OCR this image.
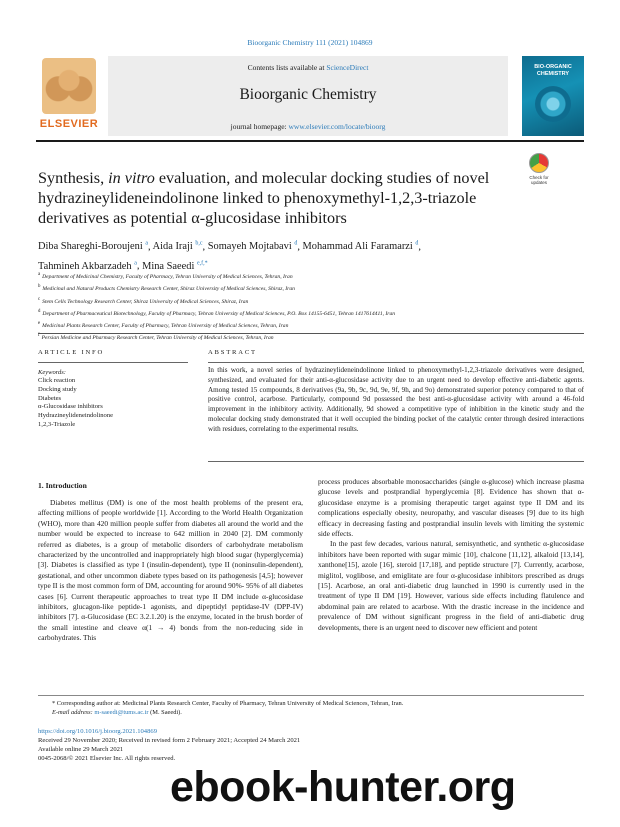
Bioorganic Chemistry 111 (2021) 104869
ELSEVIER
Contents lists available at ScienceDirect
Bioorganic Chemistry
journal homepage: www.elsevier.com/locate/bioorg
BIO-ORGANIC CHEMISTRY
Check for updates
Synthesis, in vitro evaluation, and molecular docking studies of novel hydrazineylideneindolinone linked to phenoxymethyl-1,2,3-triazole derivatives as potential α-glucosidase inhibitors
Diba Shareghi-Boroujeni $^a$, Aida Iraji $^{b,c}$, Somayeh Mojtabavi $^d$, Mohammad Ali Faramarzi $^d$,
Tahmineh Akbarzadeh $^a$, Mina Saeedi $^{e,f,*}$
a Department of Medicinal Chemistry, Faculty of Pharmacy, Tehran University of Medical Sciences, Tehran, Iran
b Medicinal and Natural Products Chemistry Research Center, Shiraz University of Medical Sciences, Shiraz, Iran
c Stem Cells Technology Research Center, Shiraz University of Medical Sciences, Shiraz, Iran
d Department of Pharmaceutical Biotechnology, Faculty of Pharmacy, Tehran University of Medical Sciences, P.O. Box 14155-6451, Tehran 1417614411, Iran
e Medicinal Plants Research Center, Faculty of Pharmacy, Tehran University of Medical Sciences, Tehran, Iran
f Persian Medicine and Pharmacy Research Center, Tehran University of Medical Sciences, Tehran, Iran
ARTICLE INFO
Keywords:
Click reaction
Docking study
Diabetes
α-Glucosidase inhibitors
Hydrazineylideneindolinone
1,2,3-Triazole
ABSTRACT
In this work, a novel series of hydrazineylideneindolinone linked to phenoxymethyl-1,2,3-triazole derivatives were designed, synthesized, and evaluated for their anti-α-glucosidase activity due to an urgent need to develop effective anti-diabetic agents. Among tested 15 compounds, 8 derivatives (9a, 9b, 9c, 9d, 9e, 9f, 9h, and 9o) demonstrated superior potency compared to that of positive control, acarbose. Particularly, compound 9d possessed the best anti-α-glucosidase activity with around a 46-fold improvement in the inhibitory activity. Additionally, 9d showed a competitive type of inhibition in the kinetic study and the molecular docking study demonstrated that it well occupied the binding pocket of the catalytic center through desired interactions with residues, correlating to the experimental results.
1. Introduction

Diabetes mellitus (DM) is one of the most health problems of the present era, affecting millions of people worldwide [1]. According to the World Health Organization (WHO), more than 420 million people suffer from diabetes all around the world and the number would be expected to increase to 642 million in 2040 [2]. DM commonly referred as diabetes, is a group of metabolic disorders of carbohydrate metabolism characterized by the uncontrolled and inappropriately high blood sugar (hyperglycemia) [3]. Diabetes is classified as type I (insulin-dependent), type II (noninsulin-dependent), gestational, and other uncommon diabete types based on its pathogenesis [4,5]; however type II is the most common form of DM, accounting for around 90%- 95% of all diabetes cases [6]. Current therapeutic approaches to treat type II DM include α-glucosidase inhibitors, glucagon-like peptide-1 agonists, and dipeptidyl peptidase-IV (DPP-IV) inhibitors [7]. α-Glucosidase (EC 3.2.1.20) is the enzyme, located in the brush border of the small intestine and cleave α(1 → 4) bonds from the non-reducing side in carbohydrates. This

process produces absorbable monosaccharides (single α-glucose) which increase plasma glucose levels and postprandial hyperglycemia [8]. Evidence has shown that α-glucosidase enzyme is a promising therapeutic target against type II DM and its complications especially obesity, neuropathy, and vascular diseases [9] due to its high efficacy in decreasing fasting and postprandial insulin levels with limiting the systemic side effects.

In the past few decades, various natural, semisynthetic, and synthetic α-glucosidase inhibitors have been reported with sugar mimic [10], chalcone [11,12], alkaloid [13,14], xanthone[15], azole [16], steroid [17,18], and peptide structure [7]. Currently, acarbose, miglitol, voglibose, and emiglitate are four α-glucosidase inhibitors prescribed as drugs [15]. Acarbose, an oral anti-diabetic drug launched in 1990 is currently used in the treatment of type II DM [19]. However, various side effects including flatulence and abdominal pain are related to acarbose. With the drastic increase in the incidence and prevalence of DM without significant progress in the field of anti-diabetic drug developments, there is an urgent need to discover new efficient and potent

* Corresponding author at: Medicinal Plants Research Center, Faculty of Pharmacy, Tehran University of Medical Sciences, Tehran, Iran.
E-mail address: m-saeedi@tums.ac.ir (M. Saeedi).
https://doi.org/10.1016/j.bioorg.2021.104869
Received 29 November 2020; Received in revised form 2 February 2021; Accepted 24 March 2021
Available online 29 March 2021
0045-2068/© 2021 Elsevier Inc. All rights reserved.
ebook-hunter.org
